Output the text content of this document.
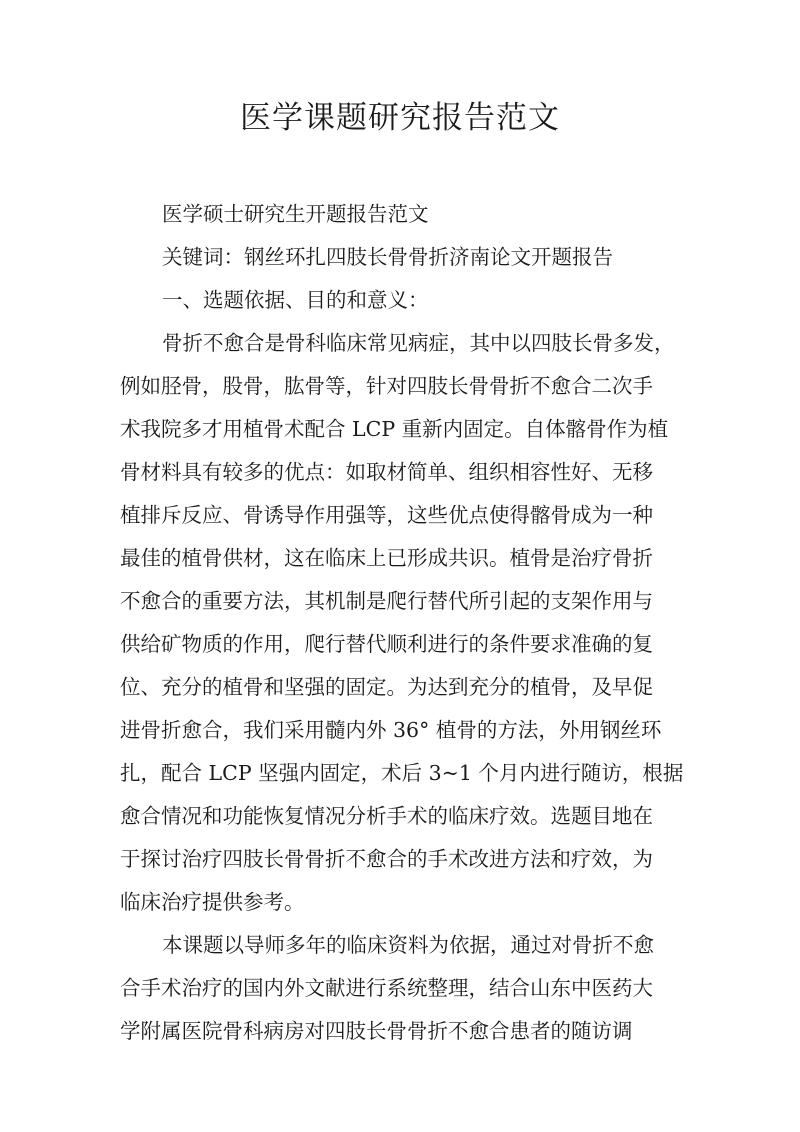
医学课题研究报告范文

医学硕士研究生开题报告范文

关键词：钢丝环扎四肢长骨骨折济南论文开题报告

一、选题依据、目的和意义：

骨折不愈合是骨科临床常见病症，其中以四肢长骨多发，

例如胫骨，股骨，肱骨等，针对四肢长骨骨折不愈合二次手

术我院多才用植骨术配合 LCP 重新内固定。自体髂骨作为植

骨材料具有较多的优点：如取材简单、组织相容性好、无移

植排斥反应、骨诱导作用强等，这些优点使得髂骨成为一种

最佳的植骨供材，这在临床上已形成共识。植骨是治疗骨折

不愈合的重要方法，其机制是爬行替代所引起的支架作用与

供给矿物质的作用，爬行替代顺利进行的条件要求准确的复

位、充分的植骨和坚强的固定。为达到充分的植骨，及早促

进骨折愈合，我们采用髓内外 36° 植骨的方法，外用钢丝环

扎，配合 LCP 坚强内固定，术后 3~1 个月内进行随访，根据

愈合情况和功能恢复情况分析手术的临床疗效。选题目地在

于探讨治疗四肢长骨骨折不愈合的手术改进方法和疗效，为

临床治疗提供参考。

本课题以导师多年的临床资料为依据，通过对骨折不愈

合手术治疗的国内外文献进行系统整理，结合山东中医药大

学附属医院骨科病房对四肢长骨骨折不愈合患者的随访调
